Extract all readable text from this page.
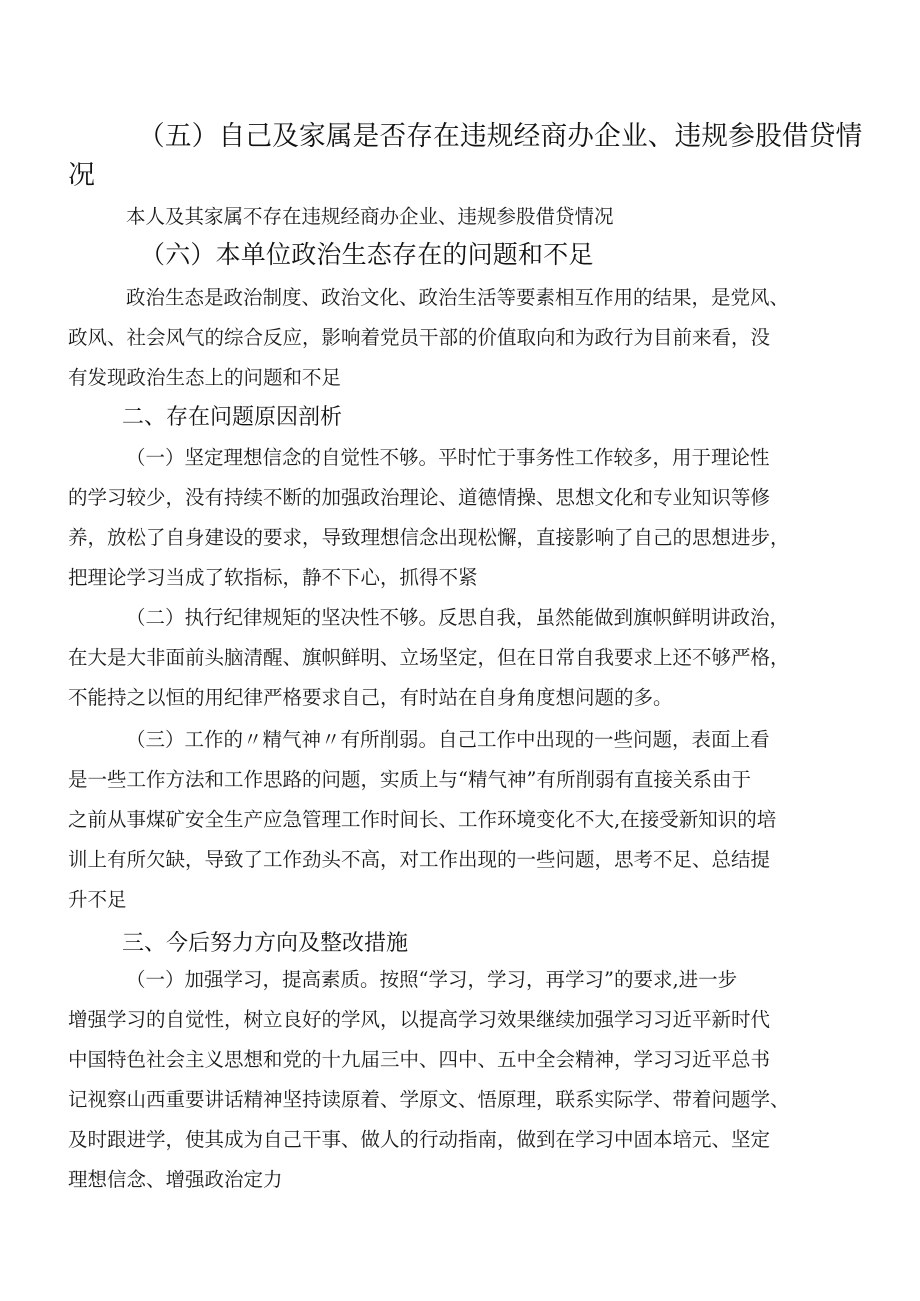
（五）自己及家属是否存在违规经商办企业、违规参股借贷情
况
本人及其家属不存在违规经商办企业、违规参股借贷情况
（六）本单位政治生态存在的问题和不足
政治生态是政治制度、政治文化、政治生活等要素相互作用的结果，是党风、
政风、社会风气的综合反应，影响着党员干部的价值取向和为政行为目前来看，没
有发现政治生态上的问题和不足
二、存在问题原因剖析
（一）坚定理想信念的自觉性不够。平时忙于事务性工作较多，用于理论性
的学习较少，没有持续不断的加强政治理论、道德情操、思想文化和专业知识等修
养，放松了自身建设的要求，导致理想信念出现松懈，直接影响了自己的思想进步，
把理论学习当成了软指标，静不下心，抓得不紧
（二）执行纪律规矩的坚决性不够。反思自我，虽然能做到旗帜鲜明讲政治，
在大是大非面前头脑清醒、旗帜鲜明、立场坚定，但在日常自我要求上还不够严格，
不能持之以恒的用纪律严格要求自己，有时站在自身角度想问题的多。
（三）工作的〃精气神〃有所削弱。自己工作中出现的一些问题，表面上看
是一些工作方法和工作思路的问题，实质上与“精气神”有所削弱有直接关系由于
之前从事煤矿安全生产应急管理工作时间长、工作环境变化不大,在接受新知识的培
训上有所欠缺，导致了工作劲头不高，对工作出现的一些问题，思考不足、总结提
升不足
三、今后努力方向及整改措施
（一）加强学习，提高素质。按照“学习，学习，再学习”的要求,进一步
增强学习的自觉性，树立良好的学风，以提高学习效果继续加强学习习近平新时代
中国特色社会主义思想和党的十九届三中、四中、五中全会精神，学习习近平总书
记视察山西重要讲话精神坚持读原着、学原文、悟原理，联系实际学、带着问题学、
及时跟进学，使其成为自己干事、做人的行动指南，做到在学习中固本培元、坚定
理想信念、增强政治定力
